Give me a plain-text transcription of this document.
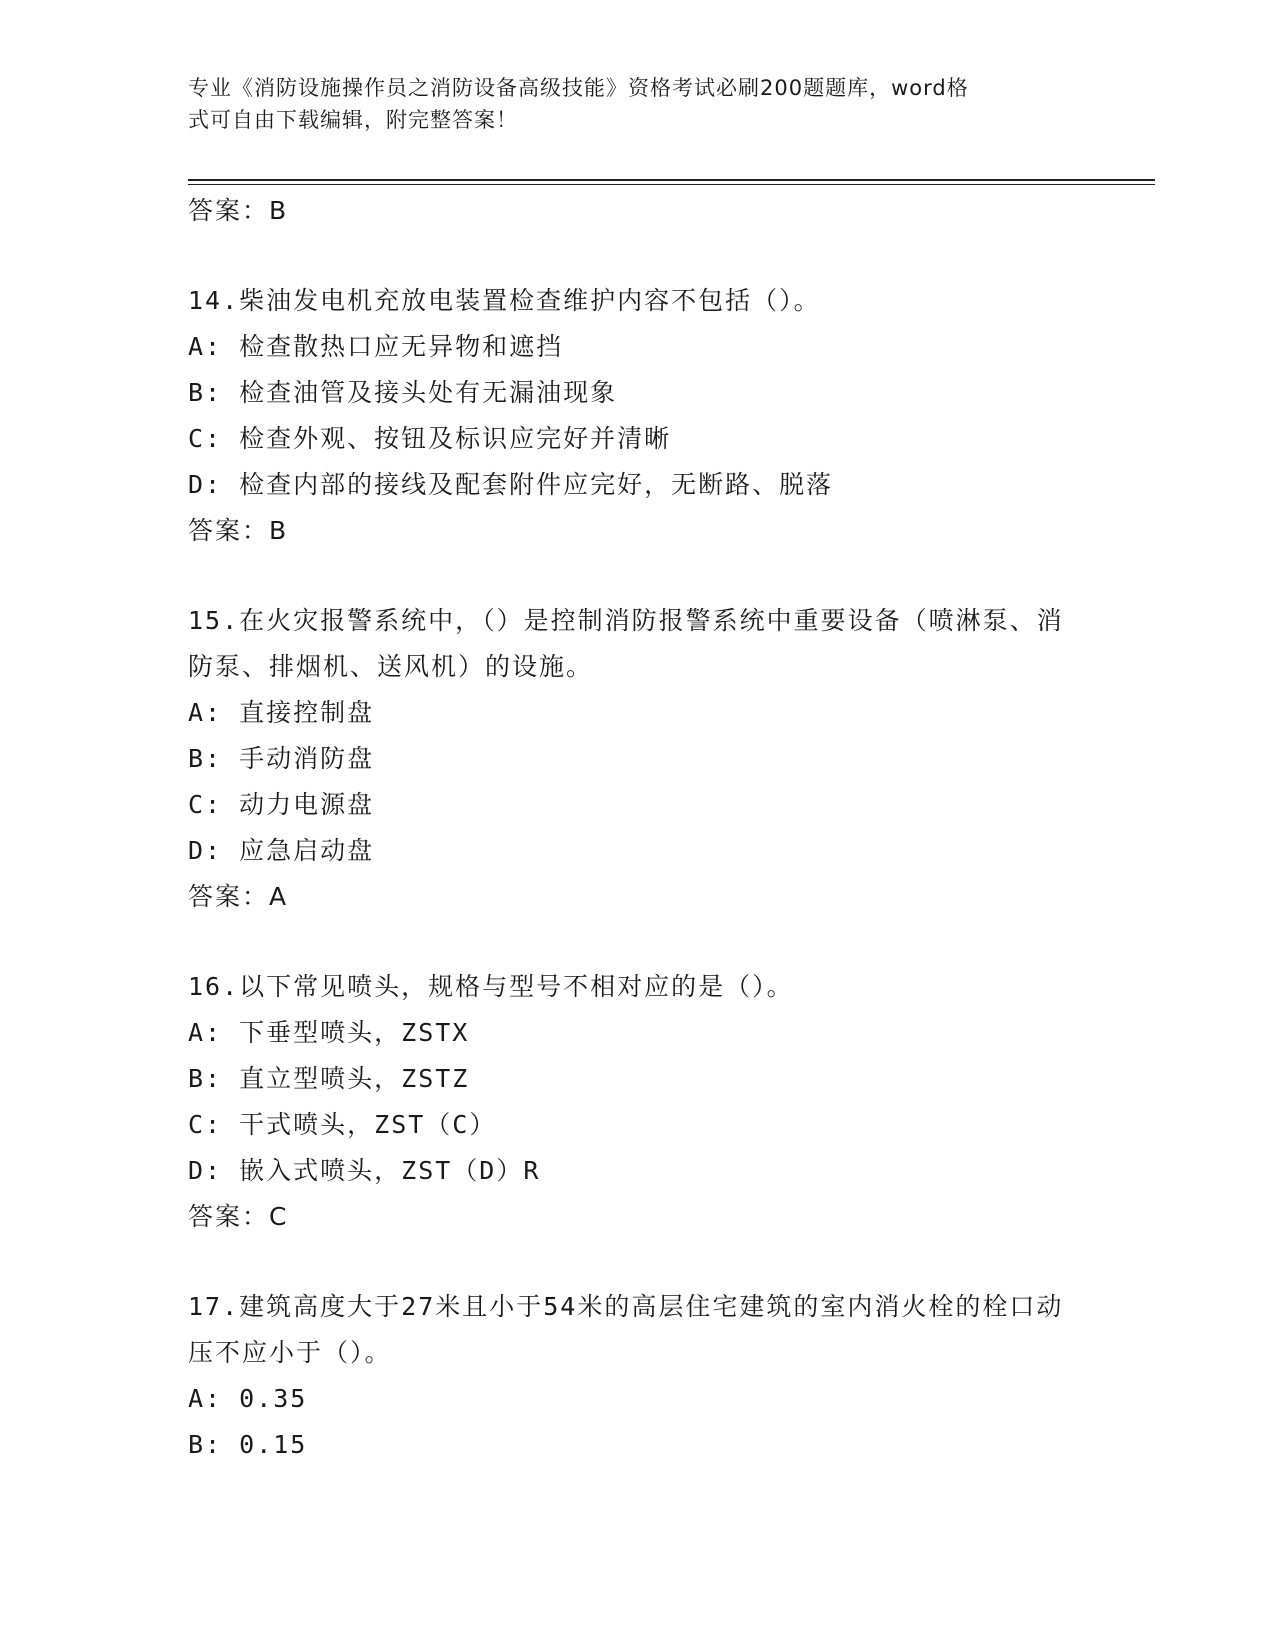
专业《消防设施操作员之消防设备高级技能》资格考试必刷200题题库，word格
式可自由下载编辑，附完整答案！
答案：B
14.柴油发电机充放电装置检查维护内容不包括（）。
A: 检查散热口应无异物和遮挡
B: 检查油管及接头处有无漏油现象
C: 检查外观、按钮及标识应完好并清晰
D: 检查内部的接线及配套附件应完好，无断路、脱落
答案：B
15.在火灾报警系统中，（）是控制消防报警系统中重要设备（喷淋泵、消防泵、排烟机、送风机）的设施。
A: 直接控制盘
B: 手动消防盘
C: 动力电源盘
D: 应急启动盘
答案：A
16.以下常见喷头，规格与型号不相对应的是（）。
A: 下垂型喷头，ZSTX
B: 直立型喷头，ZSTZ
C: 干式喷头，ZST（C）
D: 嵌入式喷头，ZST（D）R
答案：C
17.建筑高度大于27米且小于54米的高层住宅建筑的室内消火栓的栓口动压不应小于（）。
A: 0.35
B: 0.15
